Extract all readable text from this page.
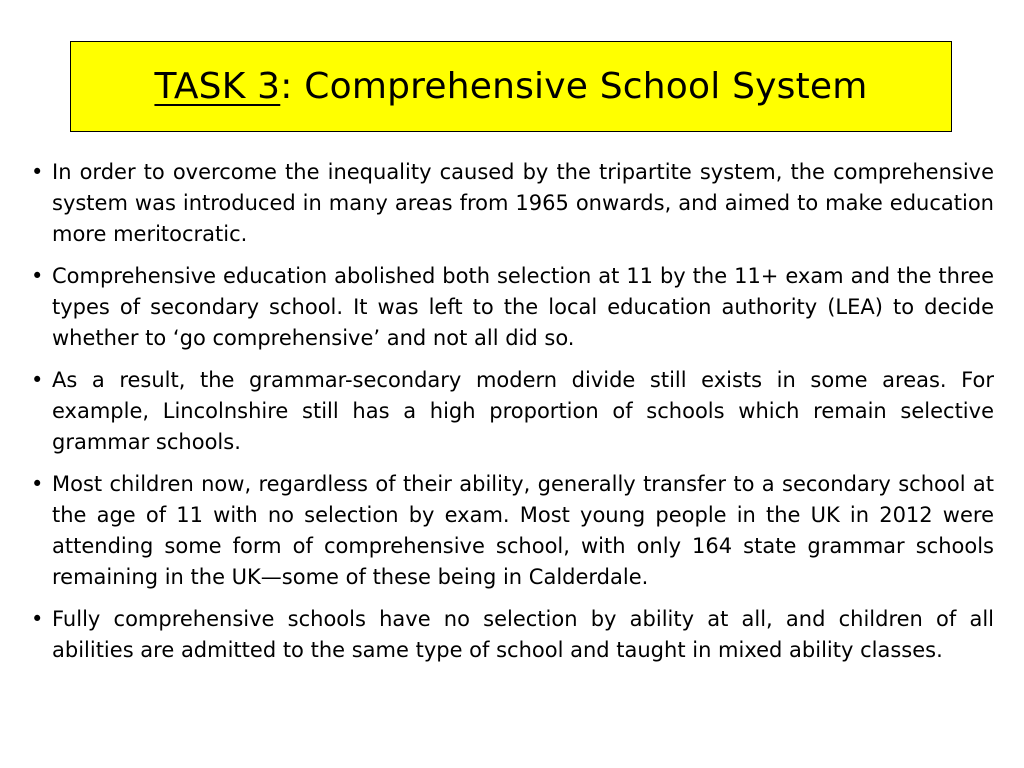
TASK 3: Comprehensive School System
•
In order to overcome the inequality caused by the tripartite system, the comprehensive system was introduced in many areas from 1965 onwards, and aimed to make education more meritocratic.
•
Comprehensive education abolished both selection at 11 by the 11+ exam and the three types of secondary school. It was left to the local education authority (LEA) to decide whether to ‘go comprehensive’ and not all did so.
•
As a result, the grammar-secondary modern divide still exists in some areas. For example, Lincolnshire still has a high proportion of schools which remain selective grammar schools.
•
Most children now, regardless of their ability, generally transfer to a secondary school at the age of 11 with no selection by exam. Most young people in the UK in 2012 were attending some form of comprehensive school, with only 164 state grammar schools remaining in the UK—some of these being in Calderdale.
•
Fully comprehensive schools have no selection by ability at all, and children of all abilities are admitted to the same type of school and taught in mixed ability classes.
